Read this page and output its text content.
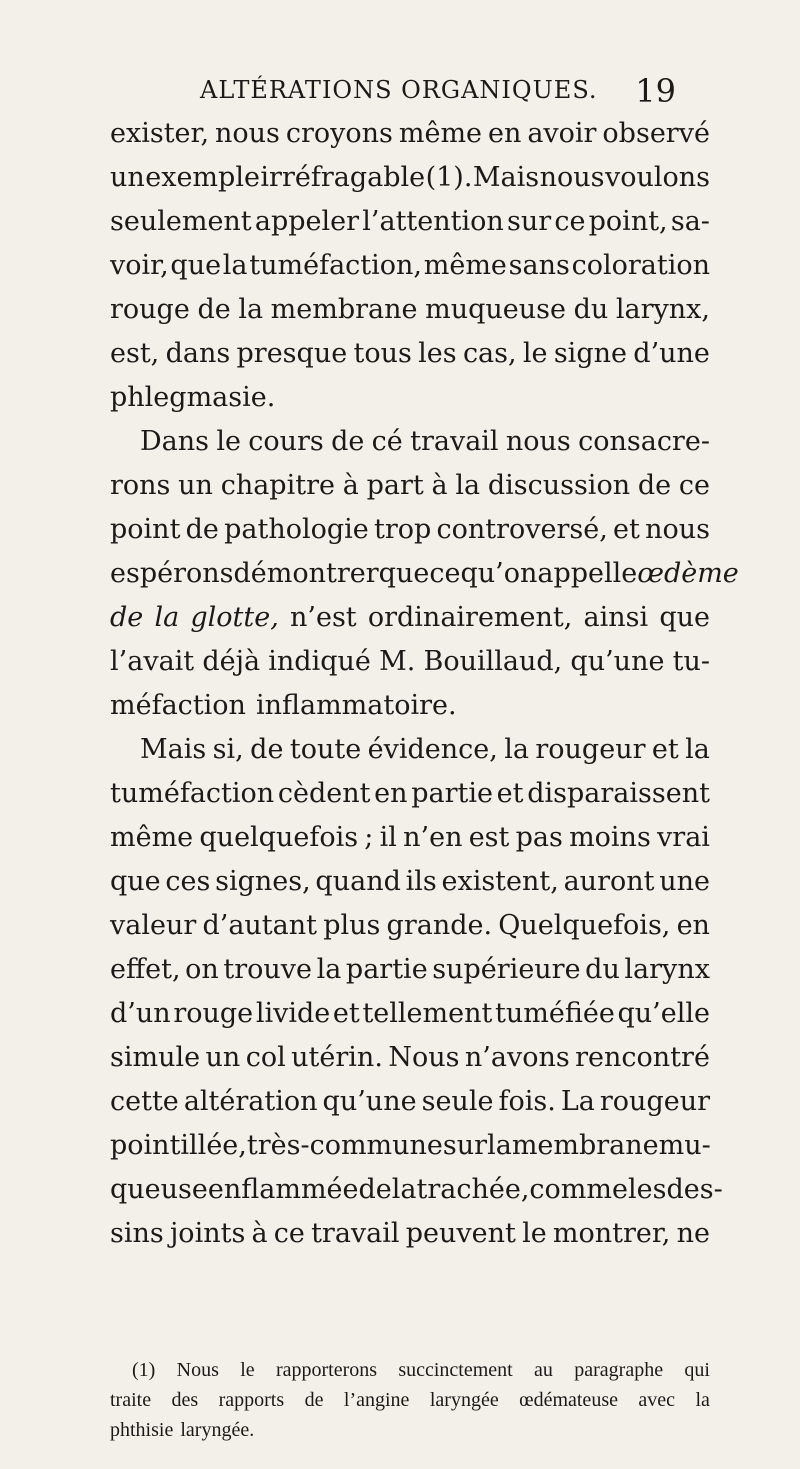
ALTÉRATIONS ORGANIQUES. 19
exister, nous croyons même en avoir observé
un exemple irréfragable (1). Mais nous voulons
seulement appeler l’attention sur ce point, sa-
voir, que la tuméfaction, même sans coloration
rouge de la membrane muqueuse du larynx,
est, dans presque tous les cas, le signe d’une
phlegmasie.
Dans le cours de cé travail nous consacre-
rons un chapitre à part à la discussion de ce
point de pathologie trop controversé, et nous
espérons démontrer que ce qu’on appelle œdème
de la glotte, n’est ordinairement, ainsi que
l’avait déjà indiqué M. Bouillaud, qu’une tu-
méfaction inflammatoire.
Mais si, de toute évidence, la rougeur et la
tuméfaction cèdent en partie et disparaissent
même quelquefois ; il n’en est pas moins vrai
que ces signes, quand ils existent, auront une
valeur d’autant plus grande. Quelquefois, en
effet, on trouve la partie supérieure du larynx
d’un rouge livide et tellement tuméfiée qu’elle
simule un col utérin. Nous n’avons rencontré
cette altération qu’une seule fois. La rougeur
pointillée, très-commune sur la membrane mu-
queuse enflammée de la trachée, comme les des-
sins joints à ce travail peuvent le montrer, ne
(1) Nous le rapporterons succinctement au paragraphe qui
traite des rapports de l’angine laryngée œdémateuse avec la
phthisie laryngée.
